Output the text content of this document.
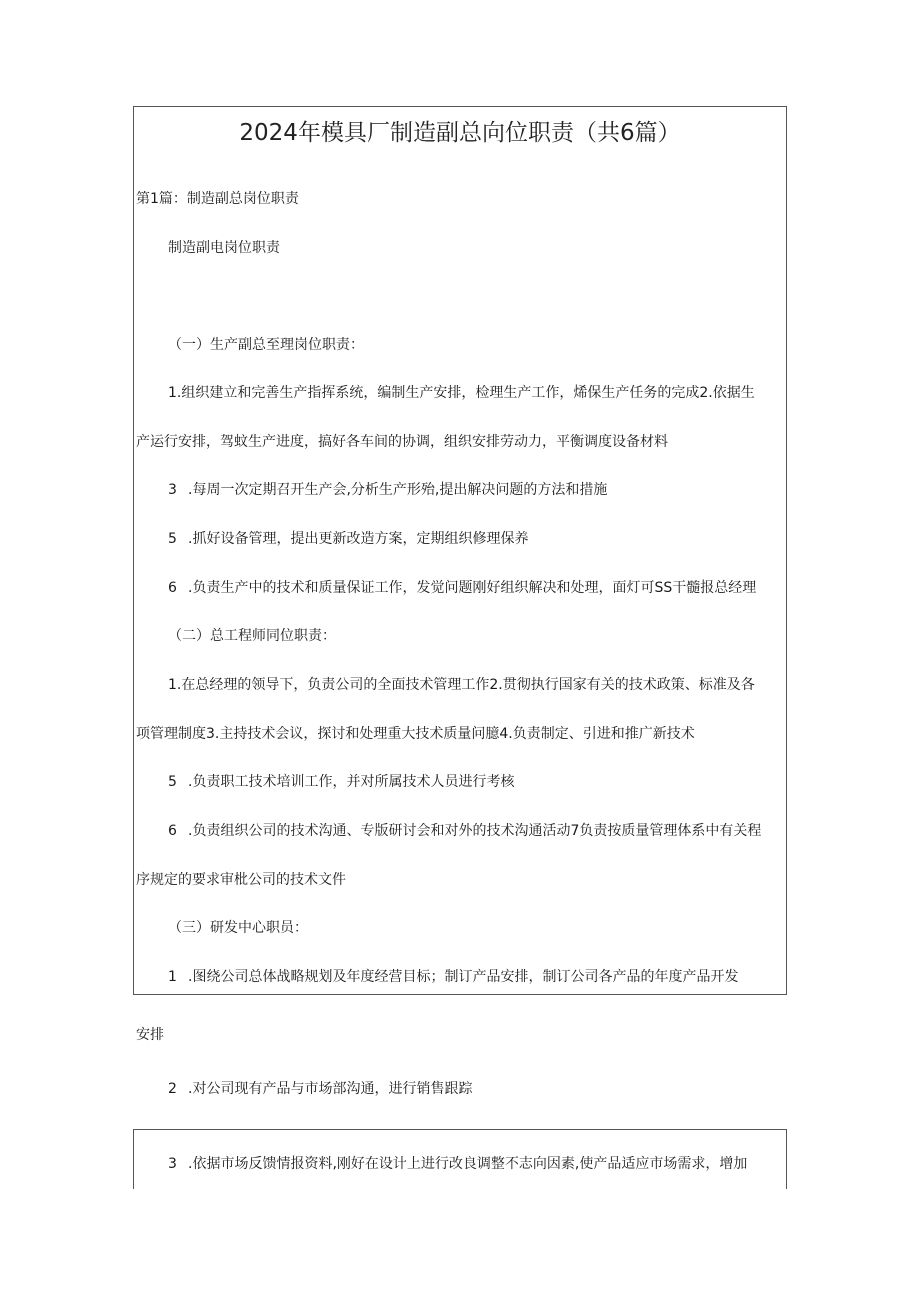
2024年模具厂制造副总向位职责（共6篇）
第1篇：制造副总岗位职责
制造副电岗位职责
（一）生产副总至理岗位职责：
1.组织建立和完善生产指挥系统，编制生产安排，检理生产工作，烯保生产任务的完成2.依据生
产运行安排，驾蚊生产进度，搞好各车间的协调，组织安排劳动力，平衡调度设备材料
3 .每周一次定期召开生产会,分析生产形殆,提出解决问题的方法和措施
5 .抓好设备管理，提出更新改造方案，定期组织修理保养
6 .负责生产中的技术和质量保证工作，发觉问题刚好组织解决和处理，面灯可SS干髓报总经理
（二）总工程师同位职责：
1.在总经理的领导下，负责公司的全面技术管理工作2.贯彻执行国家有关的技术政策、标准及各
项管理制度3.主持技术会议，探讨和处理重大技术质量问臆4.负责制定、引进和推广新技术
5 .负责职工技术培训工作，并对所属技术人员进行考核
6 .负责组织公司的技术沟通、专版研讨会和对外的技术沟通活动7负责按质量管理体系中有关程
序规定的要求审枇公司的技术文件
（三）研发中心职员：
1 .图绕公司总体战略规划及年度经营目标；制订产品安排，制订公司各产品的年度产品开发
安排
2 .对公司现有产品与市场部沟通，进行销售跟踪
3 .依据市场反馈情报资料,刚好在设计上进行改良调整不志向因素,使产品适应市场需求，增加
